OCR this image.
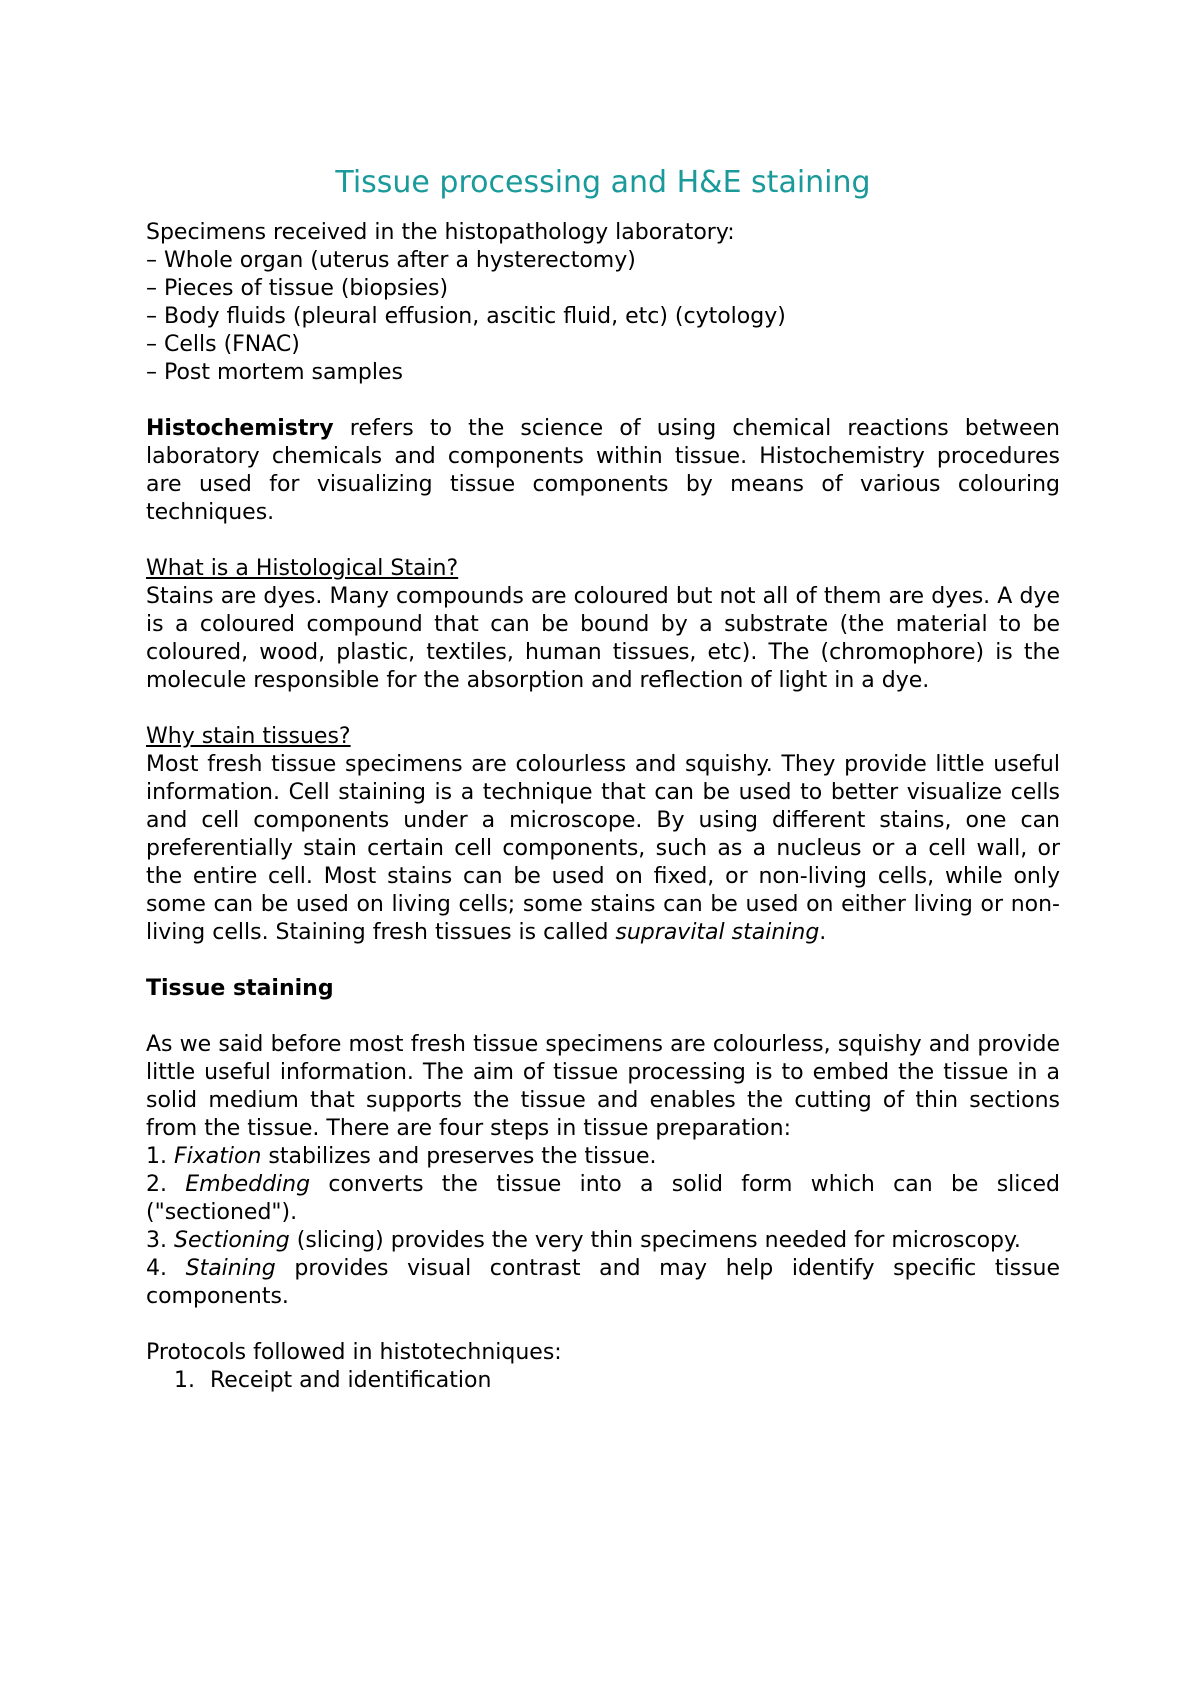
Tissue processing and H&E staining

Specimens received in the histopathology laboratory:

– Whole organ (uterus after a hysterectomy)

– Pieces of tissue (biopsies)

– Body fluids (pleural effusion, ascitic fluid, etc) (cytology)

– Cells (FNAC)

– Post mortem samples

Histochemistry refers to the science of using chemical reactions between laboratory chemicals and components within tissue. Histochemistry procedures are used for visualizing tissue components by means of various colouring techniques.

What is a Histological Stain?

Stains are dyes. Many compounds are coloured but not all of them are dyes. A dye is a coloured compound that can be bound by a substrate (the material to be coloured, wood, plastic, textiles, human tissues, etc). The (chromophore) is the molecule responsible for the absorption and reflection of light in a dye.

Why stain tissues?

Most fresh tissue specimens are colourless and squishy. They provide little useful information. Cell staining is a technique that can be used to better visualize cells and cell components under a microscope. By using different stains, one can preferentially stain certain cell components, such as a nucleus or a cell wall, or the entire cell. Most stains can be used on fixed, or non-living cells, while only some can be used on living cells; some stains can be used on either living or non-living cells. Staining fresh tissues is called supravital staining.

Tissue staining

As we said before most fresh tissue specimens are colourless, squishy and provide little useful information. The aim of tissue processing is to embed the tissue in a solid medium that supports the tissue and enables the cutting of thin sections from the tissue. There are four steps in tissue preparation:

1. Fixation stabilizes and preserves the tissue.

2. Embedding converts the tissue into a solid form which can be sliced ("sectioned").

3. Sectioning (slicing) provides the very thin specimens needed for microscopy.

4. Staining provides visual contrast and may help identify specific tissue components.

Protocols followed in histotechniques:

1. Receipt and identification
